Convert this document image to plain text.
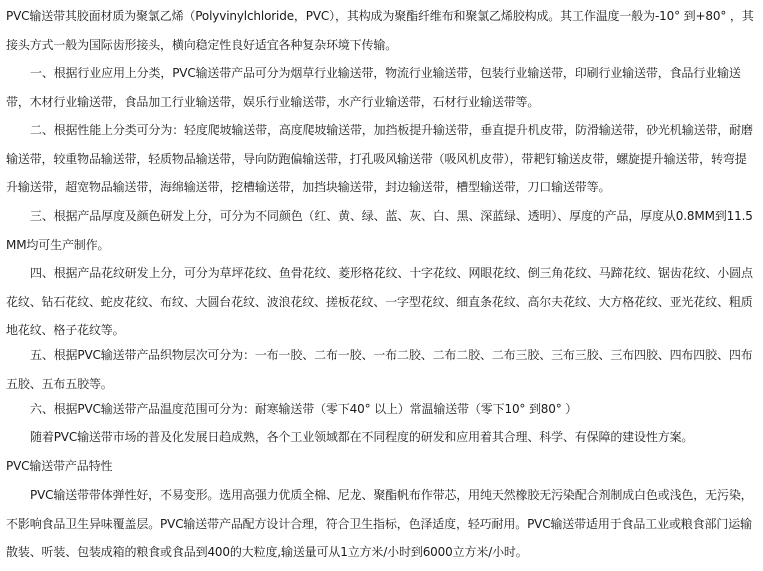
PVC输送带其胶面材质为聚氯乙烯（Polyvinylchloride，PVC），其构成为聚酯纤维布和聚氯乙烯胶构成。其工作温度一般为-10° 到+80° ，其接头方式一般为国际齿形接头，横向稳定性良好适宜各种复杂环境下传输。

一、根据行业应用上分类，PVC输送带产品可分为烟草行业输送带，物流行业输送带，包装行业输送带，印刷行业输送带，食品行业输送带，木材行业输送带，食品加工行业输送带，娱乐行业输送带，水产行业输送带，石材行业输送带等。

二、根据性能上分类可分为：轻度爬坡输送带，高度爬坡输送带，加挡板提升输送带，垂直提升机皮带，防滑输送带，砂光机输送带，耐磨输送带，较重物品输送带，轻质物品输送带，导向防跑偏输送带，打孔吸风输送带（吸风机皮带），带耙钉输送皮带，螺旋提升输送带，转弯提升输送带，超宽物品输送带，海绵输送带，挖槽输送带，加挡块输送带，封边输送带，槽型输送带，刀口输送带等。

三、根据产品厚度及颜色研发上分，可分为不同颜色（红、黄、绿、蓝、灰、白、黑、深蓝绿、透明）、厚度的产品，厚度从0.8MM到11.5MM均可生产制作。

四、根据产品花纹研发上分，可分为草坪花纹、鱼骨花纹、菱形格花纹、十字花纹、网眼花纹、倒三角花纹、马蹄花纹、锯齿花纹、小圆点花纹、钻石花纹、蛇皮花纹、布纹、大圆台花纹、波浪花纹、搓板花纹、一字型花纹、细直条花纹、高尔夫花纹、大方格花纹、亚光花纹、粗质地花纹、格子花纹等。

五、根据PVC输送带产品织物层次可分为：一布一胶、二布一胶、一布二胶、二布二胶、二布三胶、三布三胶、三布四胶、四布四胶、四布五胶、五布五胶等。

六、根据PVC输送带产品温度范围可分为：耐寒输送带（零下40° 以上）常温输送带（零下10° 到80° ）

随着PVC输送带市场的普及化发展日趋成熟，各个工业领域都在不同程度的研发和应用着其合理、科学、有保障的建设性方案。

PVC输送带产品特性

PVC输送带带体弹性好，不易变形。选用高强力优质全棉、尼龙、聚酯帆布作带芯，用纯天然橡胶无污染配合剂制成白色或浅色，无污染，不影响食品卫生异味覆盖层。PVC输送带产品配方设计合理，符合卫生指标，色泽适度，轻巧耐用。PVC输送带适用于食品工业或粮食部门运输散装、听装、包装成箱的粮食或食品到400的大粒度,输送量可从1立方米/小时到6000立方米/小时。
